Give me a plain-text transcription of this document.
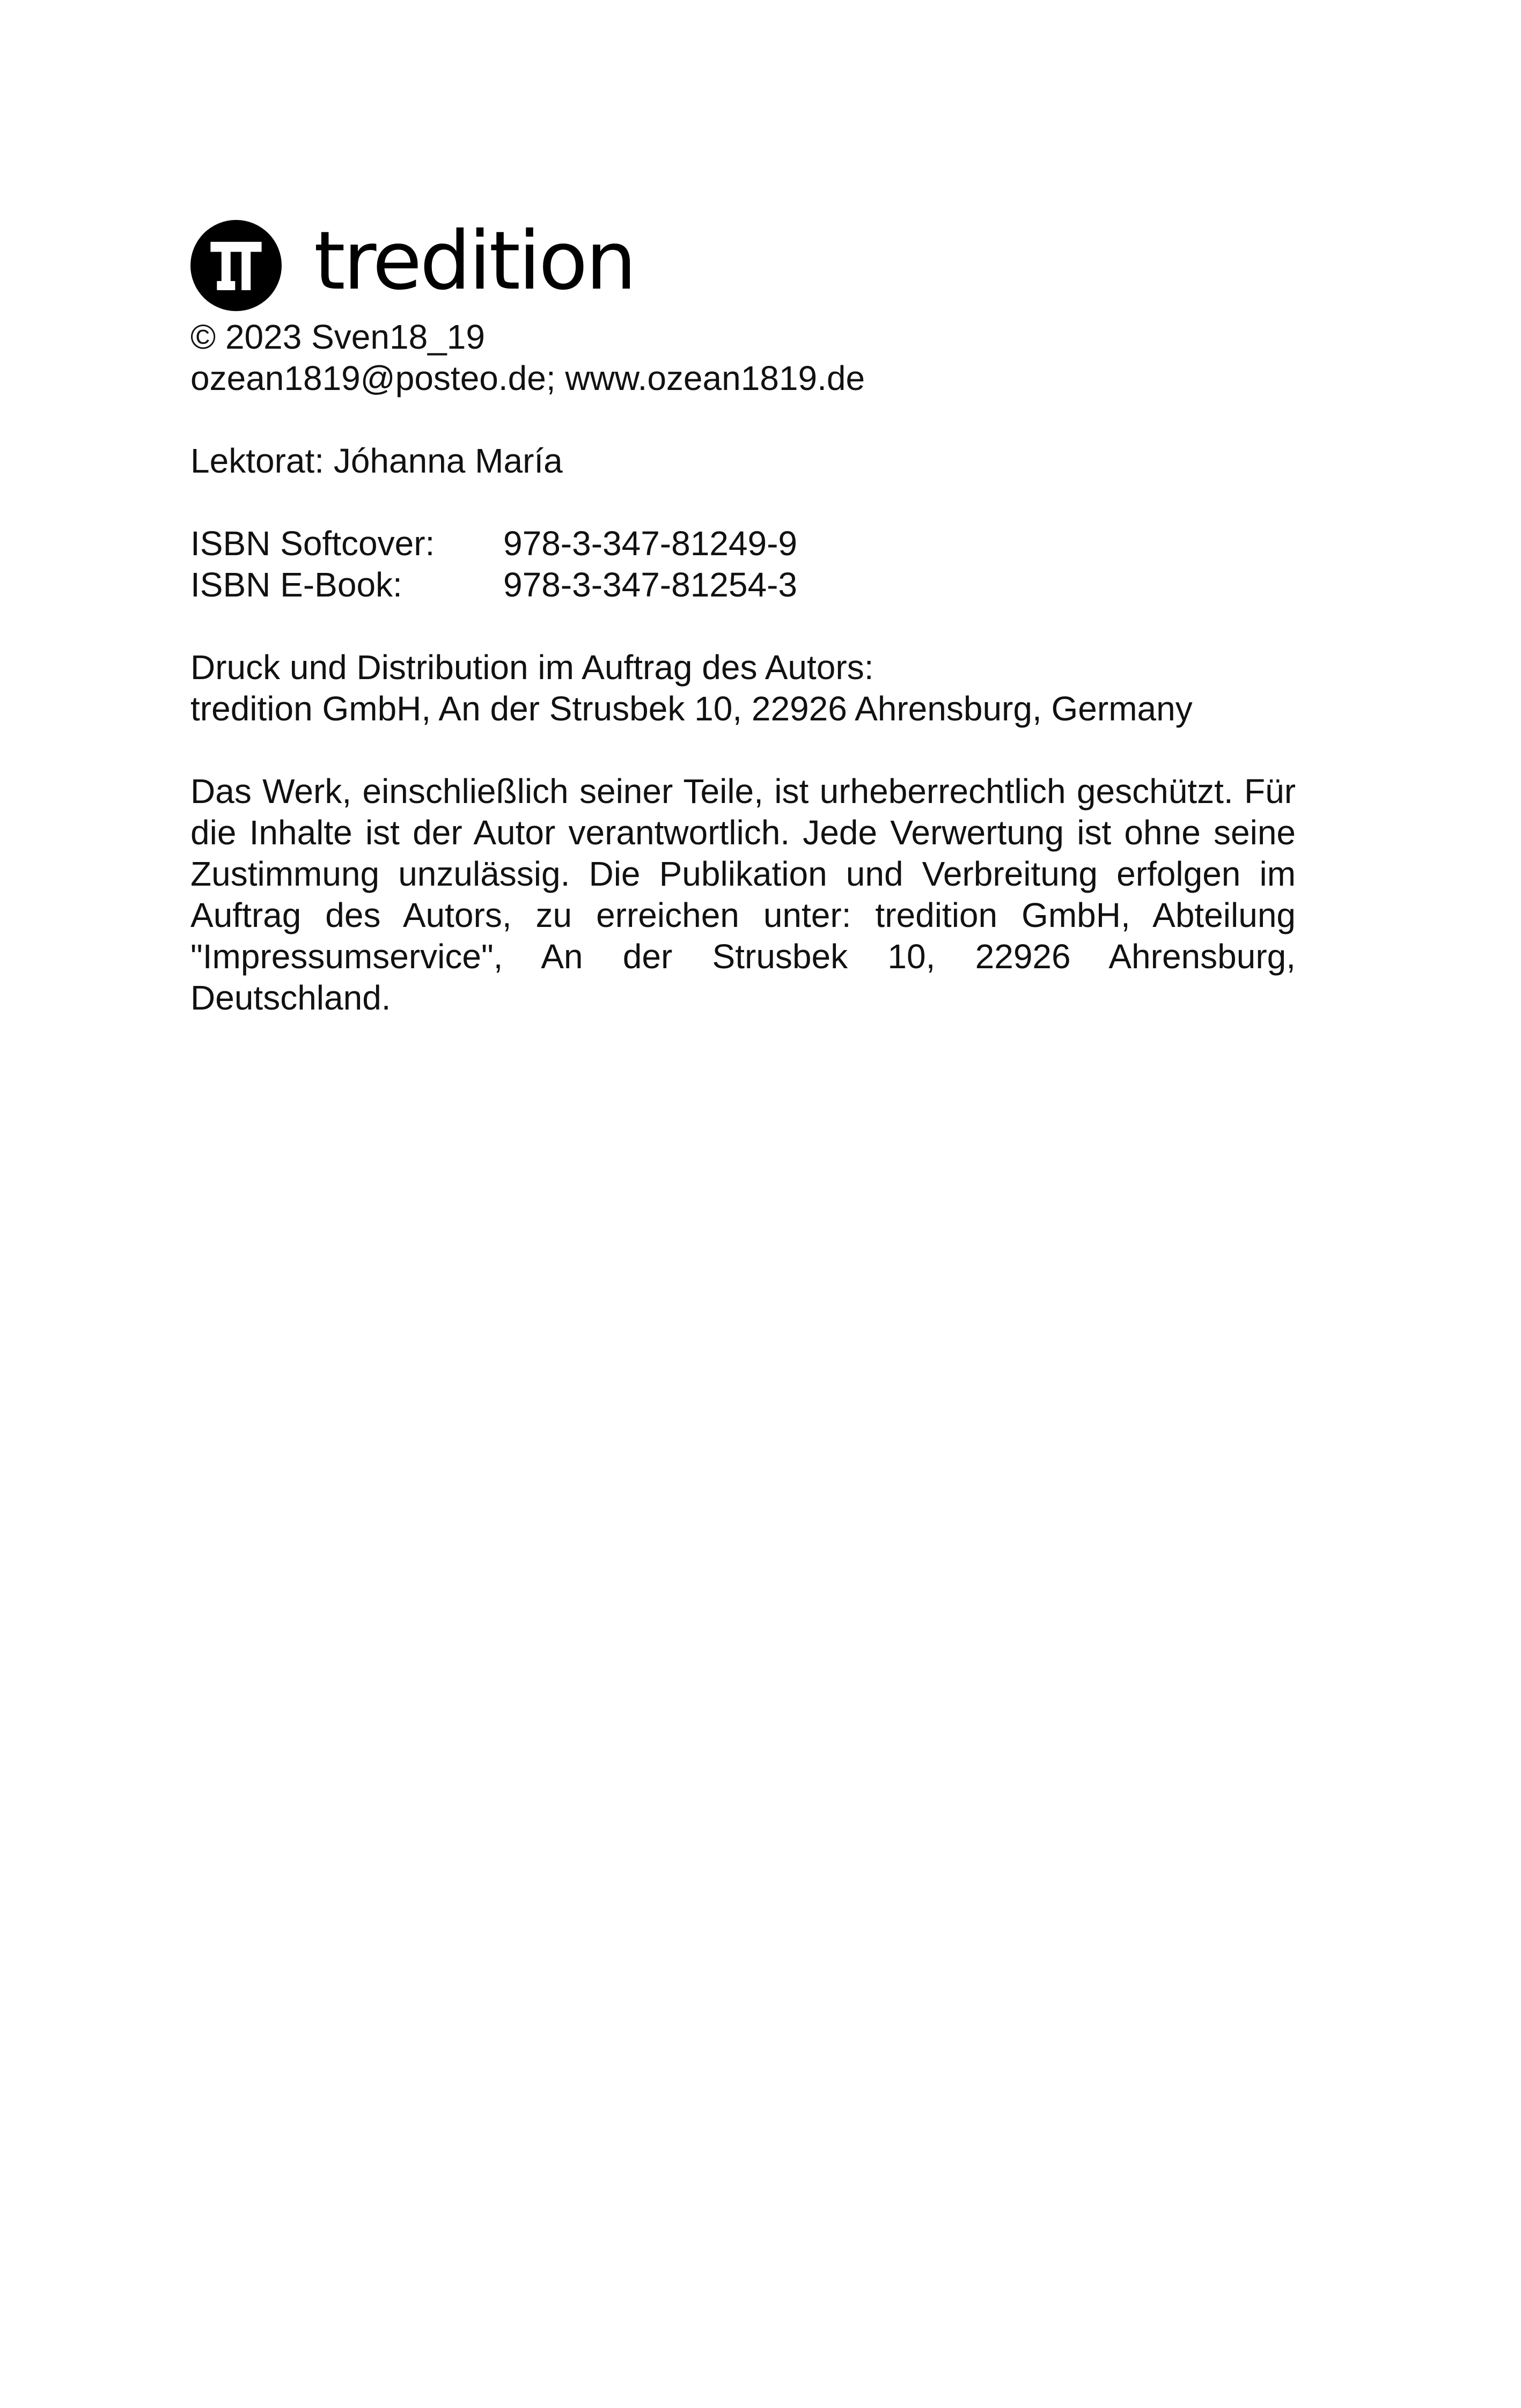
tredition
© 2023 Sven18_19
ozean1819@posteo.de; www.ozean1819.de
Lektorat: Jóhanna María
ISBN Softcover:	978-3-347-81249-9
ISBN E-Book:	978-3-347-81254-3
Druck und Distribution im Auftrag des Autors:
tredition GmbH, An der Strusbek 10, 22926 Ahrensburg, Germany
Das Werk, einschließlich seiner Teile, ist urheberrechtlich geschützt. Für die Inhalte ist der Autor verantwortlich. Jede Verwertung ist ohne seine Zustimmung unzulässig. Die Publikation und Verbreitung erfolgen im Auftrag des Autors, zu erreichen unter: tredition GmbH, Abteilung "Impressumservice", An der Strusbek 10, 22926 Ahrensburg, Deutschland.
